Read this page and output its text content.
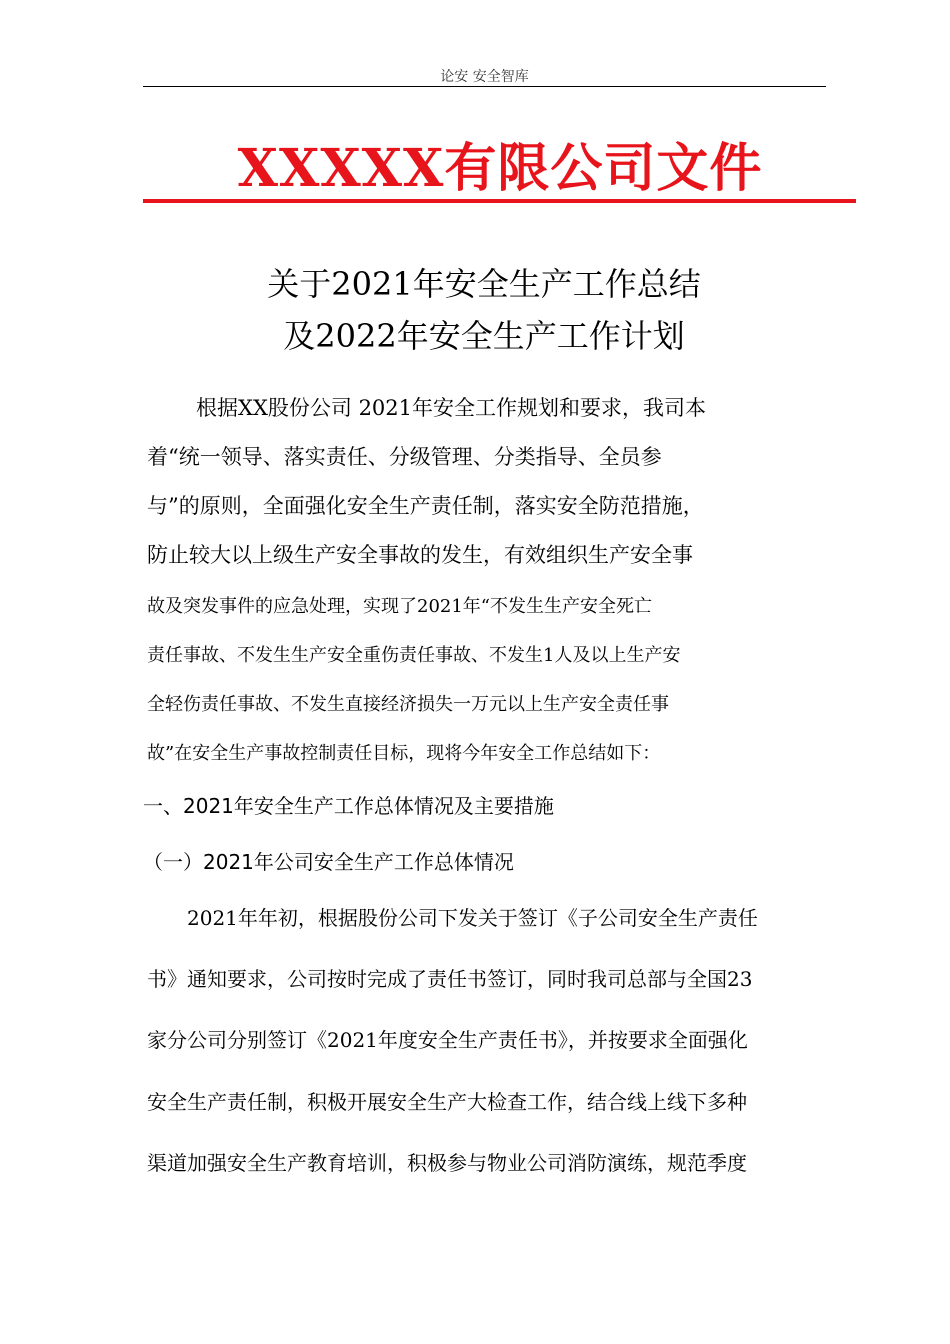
论安 安全智库
XXXXX有限公司文件
关于2021年安全生产工作总结
及2022年安全生产工作计划
根据XX股份公司 2021年安全工作规划和要求，我司本
着“统一领导、落实责任、分级管理、分类指导、全员参
与”的原则，全面强化安全生产责任制，落实安全防范措施，
防止较大以上级生产安全事故的发生，有效组织生产安全事
故及突发事件的应急处理，实现了2021年“不发生生产安全死亡
责任事故、不发生生产安全重伤责任事故、不发生1人及以上生产安
全轻伤责任事故、不发生直接经济损失一万元以上生产安全责任事
故”在安全生产事故控制责任目标，现将今年安全工作总结如下：
一、2021年安全生产工作总体情况及主要措施
（一）2021年公司安全生产工作总体情况
2021年年初，根据股份公司下发关于签订《子公司安全生产责任
书》通知要求，公司按时完成了责任书签订，同时我司总部与全国23
家分公司分别签订《2021年度安全生产责任书》，并按要求全面强化
安全生产责任制，积极开展安全生产大检查工作，结合线上线下多种
渠道加强安全生产教育培训，积极参与物业公司消防演练，规范季度
